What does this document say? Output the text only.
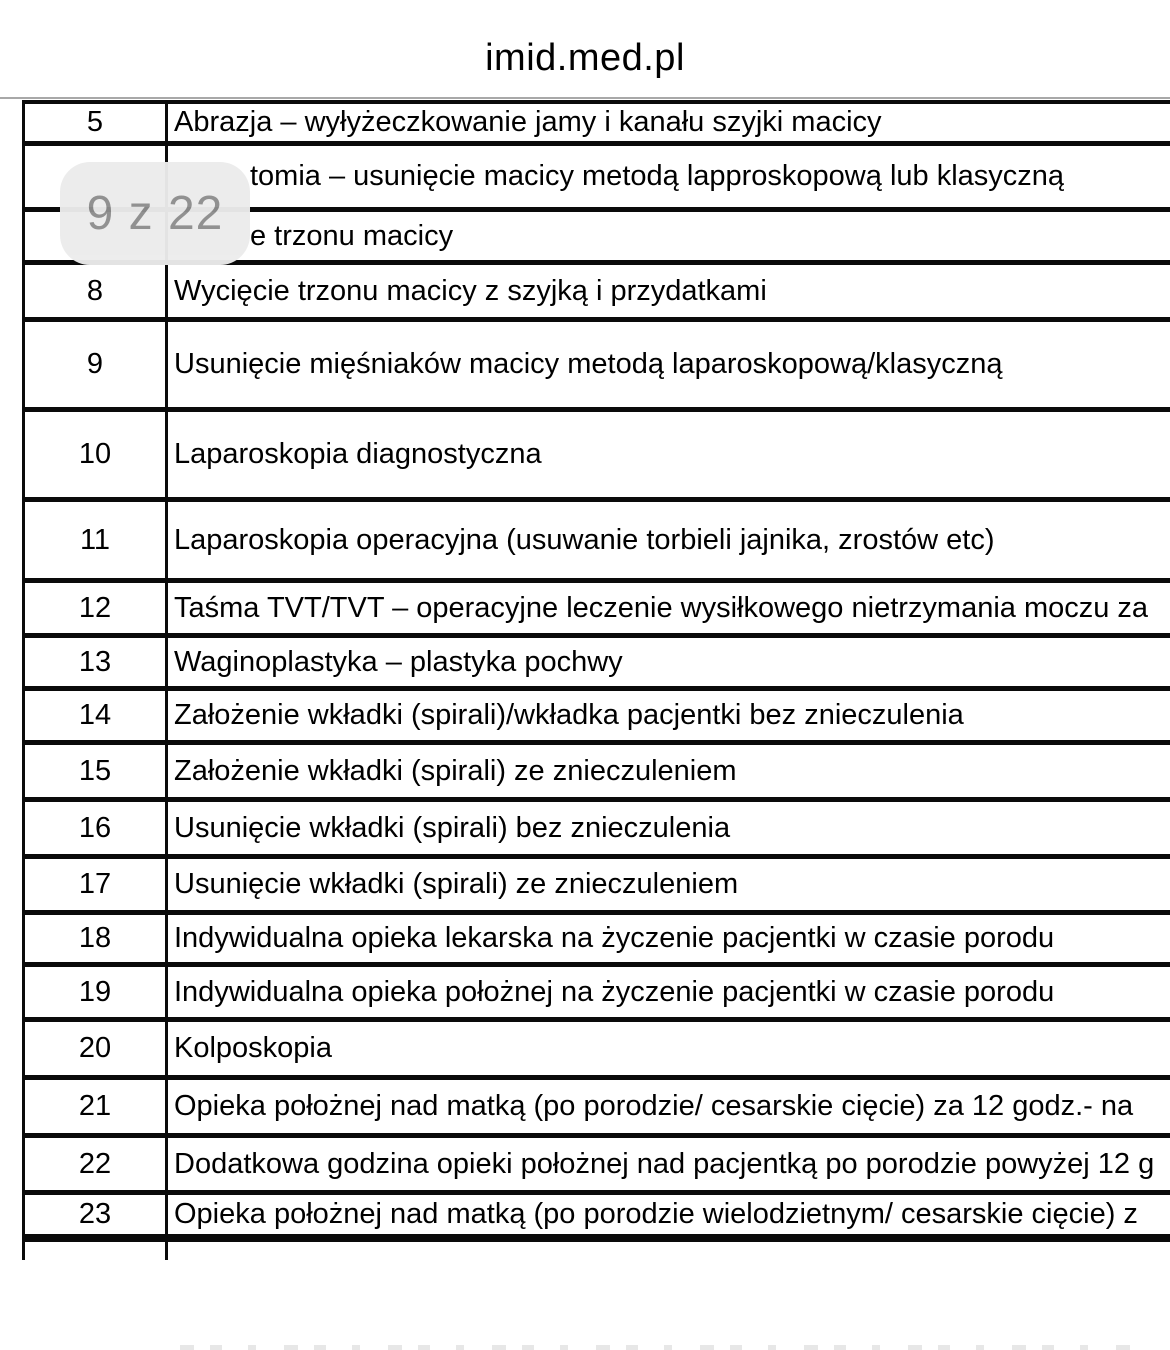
imid.med.pl
5	Abrazja – wyłyżeczkowanie jamy i kanału szyjki macicy
tomia – usunięcie macicy metodą lapproskopową lub klasyczną
e trzonu macicy
8	Wycięcie trzonu macicy z szyjką i przydatkami
9	Usunięcie mięśniaków macicy metodą laparoskopową/klasyczną
10	Laparoskopia diagnostyczna
11	Laparoskopia operacyjna (usuwanie torbieli jajnika, zrostów etc)
12	Taśma TVT/TVT – operacyjne leczenie wysiłkowego nietrzymania moczu za
13	Waginoplastyka – plastyka pochwy
14	Założenie wkładki (spirali)/wkładka pacjentki bez znieczulenia
15	Założenie wkładki (spirali) ze znieczuleniem
16	Usunięcie wkładki (spirali) bez znieczulenia
17	Usunięcie wkładki (spirali) ze znieczuleniem
18	Indywidualna opieka lekarska na życzenie pacjentki w czasie porodu
19	Indywidualna opieka położnej na życzenie pacjentki w czasie porodu
20	Kolposkopia
21	Opieka położnej nad matką (po porodzie/ cesarskie cięcie) za 12 godz.- na
22	Dodatkowa godzina opieki położnej nad pacjentką po porodzie powyżej 12 g
23	Opieka położnej nad matką (po porodzie wielodzietnym/ cesarskie cięcie) z
9 z 22
